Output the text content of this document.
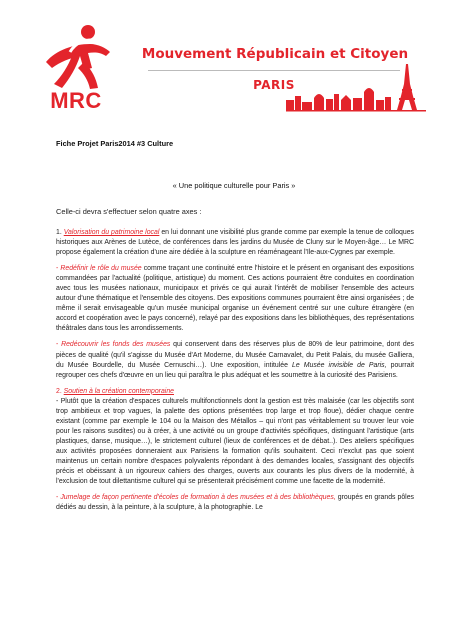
MRC
Mouvement Républicain et Citoyen
PARIS
Fiche Projet Paris2014 #3 Culture
« Une politique culturelle pour Paris »
Celle-ci devra s'effectuer selon quatre axes :

1. Valorisation du patrimoine local en lui donnant une visibilité plus grande comme par exemple la tenue de colloques historiques aux Arènes de Lutèce, de conférences dans les jardins du Musée de Cluny sur le Moyen-âge… Le MRC propose également la création d'une aire dédiée à la sculpture en réaménageant l'Ile-aux-Cygnes par exemple.

- Redéfinir le rôle du musée comme traçant une continuité entre l'histoire et le présent en organisant des expositions commandées par l'actualité (politique, artistique) du moment. Ces actions pourraient être conduites en coordination avec tous les musées nationaux, municipaux et privés ce qui aurait l'intérêt de mobiliser l'ensemble des acteurs autour d'une thématique et l'ensemble des citoyens. Des expositions communes pourraient être ainsi organisées ; de même il serait envisageable qu'un musée municipal organise un événement centré sur une culture étrangère (en accord et coopération avec le pays concerné), relayé par des expositions dans les bibliothèques, des représentations théâtrales dans tous les arrondissements.

- Redécouvrir les fonds des musées qui conservent dans des réserves plus de 80% de leur patrimoine, dont des pièces de qualité (qu'il s'agisse du Musée d'Art Moderne, du Musée Carnavalet, du Petit Palais, du musée Galliera, du Musée Bourdelle, du Musée Cernuschi…). Une exposition, intitulée Le Musée invisible de Paris, pourrait regrouper ces chefs d'œuvre en un lieu qui paraîtra le plus adéquat et les soumettre à la curiosité des Parisiens.

2. Soutien à la création contemporaine
- Plutôt que la création d'espaces culturels multifonctionnels dont la gestion est très malaisée (car les objectifs sont trop ambitieux et trop vagues, la palette des options présentées trop large et trop floue), dédier chaque centre existant (comme par exemple le 104 ou la Maison des Métallos – qui n'ont pas véritablement su trouver leur voie pour les raisons susdites) ou à créer, à une activité ou un groupe d'activités spécifiques, distinguant l'artistique (arts plastiques, danse, musique…), le strictement culturel (lieux de conférences et de débat..). Des ateliers spécifiques aux activités proposées donneraient aux Parisiens la formation qu'ils souhaitent. Ceci n'exclut pas que soient maintenus un certain nombre d'espaces polyvalents répondant à des demandes locales, s'assignant des objectifs précis et obéissant à un rigoureux cahiers des charges, ouverts aux courants les plus divers de la modernité, à l'exclusion de tout dilettantisme culturel qui se présenterait précisément comme une facette de la modernité.

- Jumelage de façon pertinente d'écoles de formation à des musées et à des bibliothèques, groupés en grands pôles dédiés au dessin, à la peinture, à la sculpture, à la photographie. Le
